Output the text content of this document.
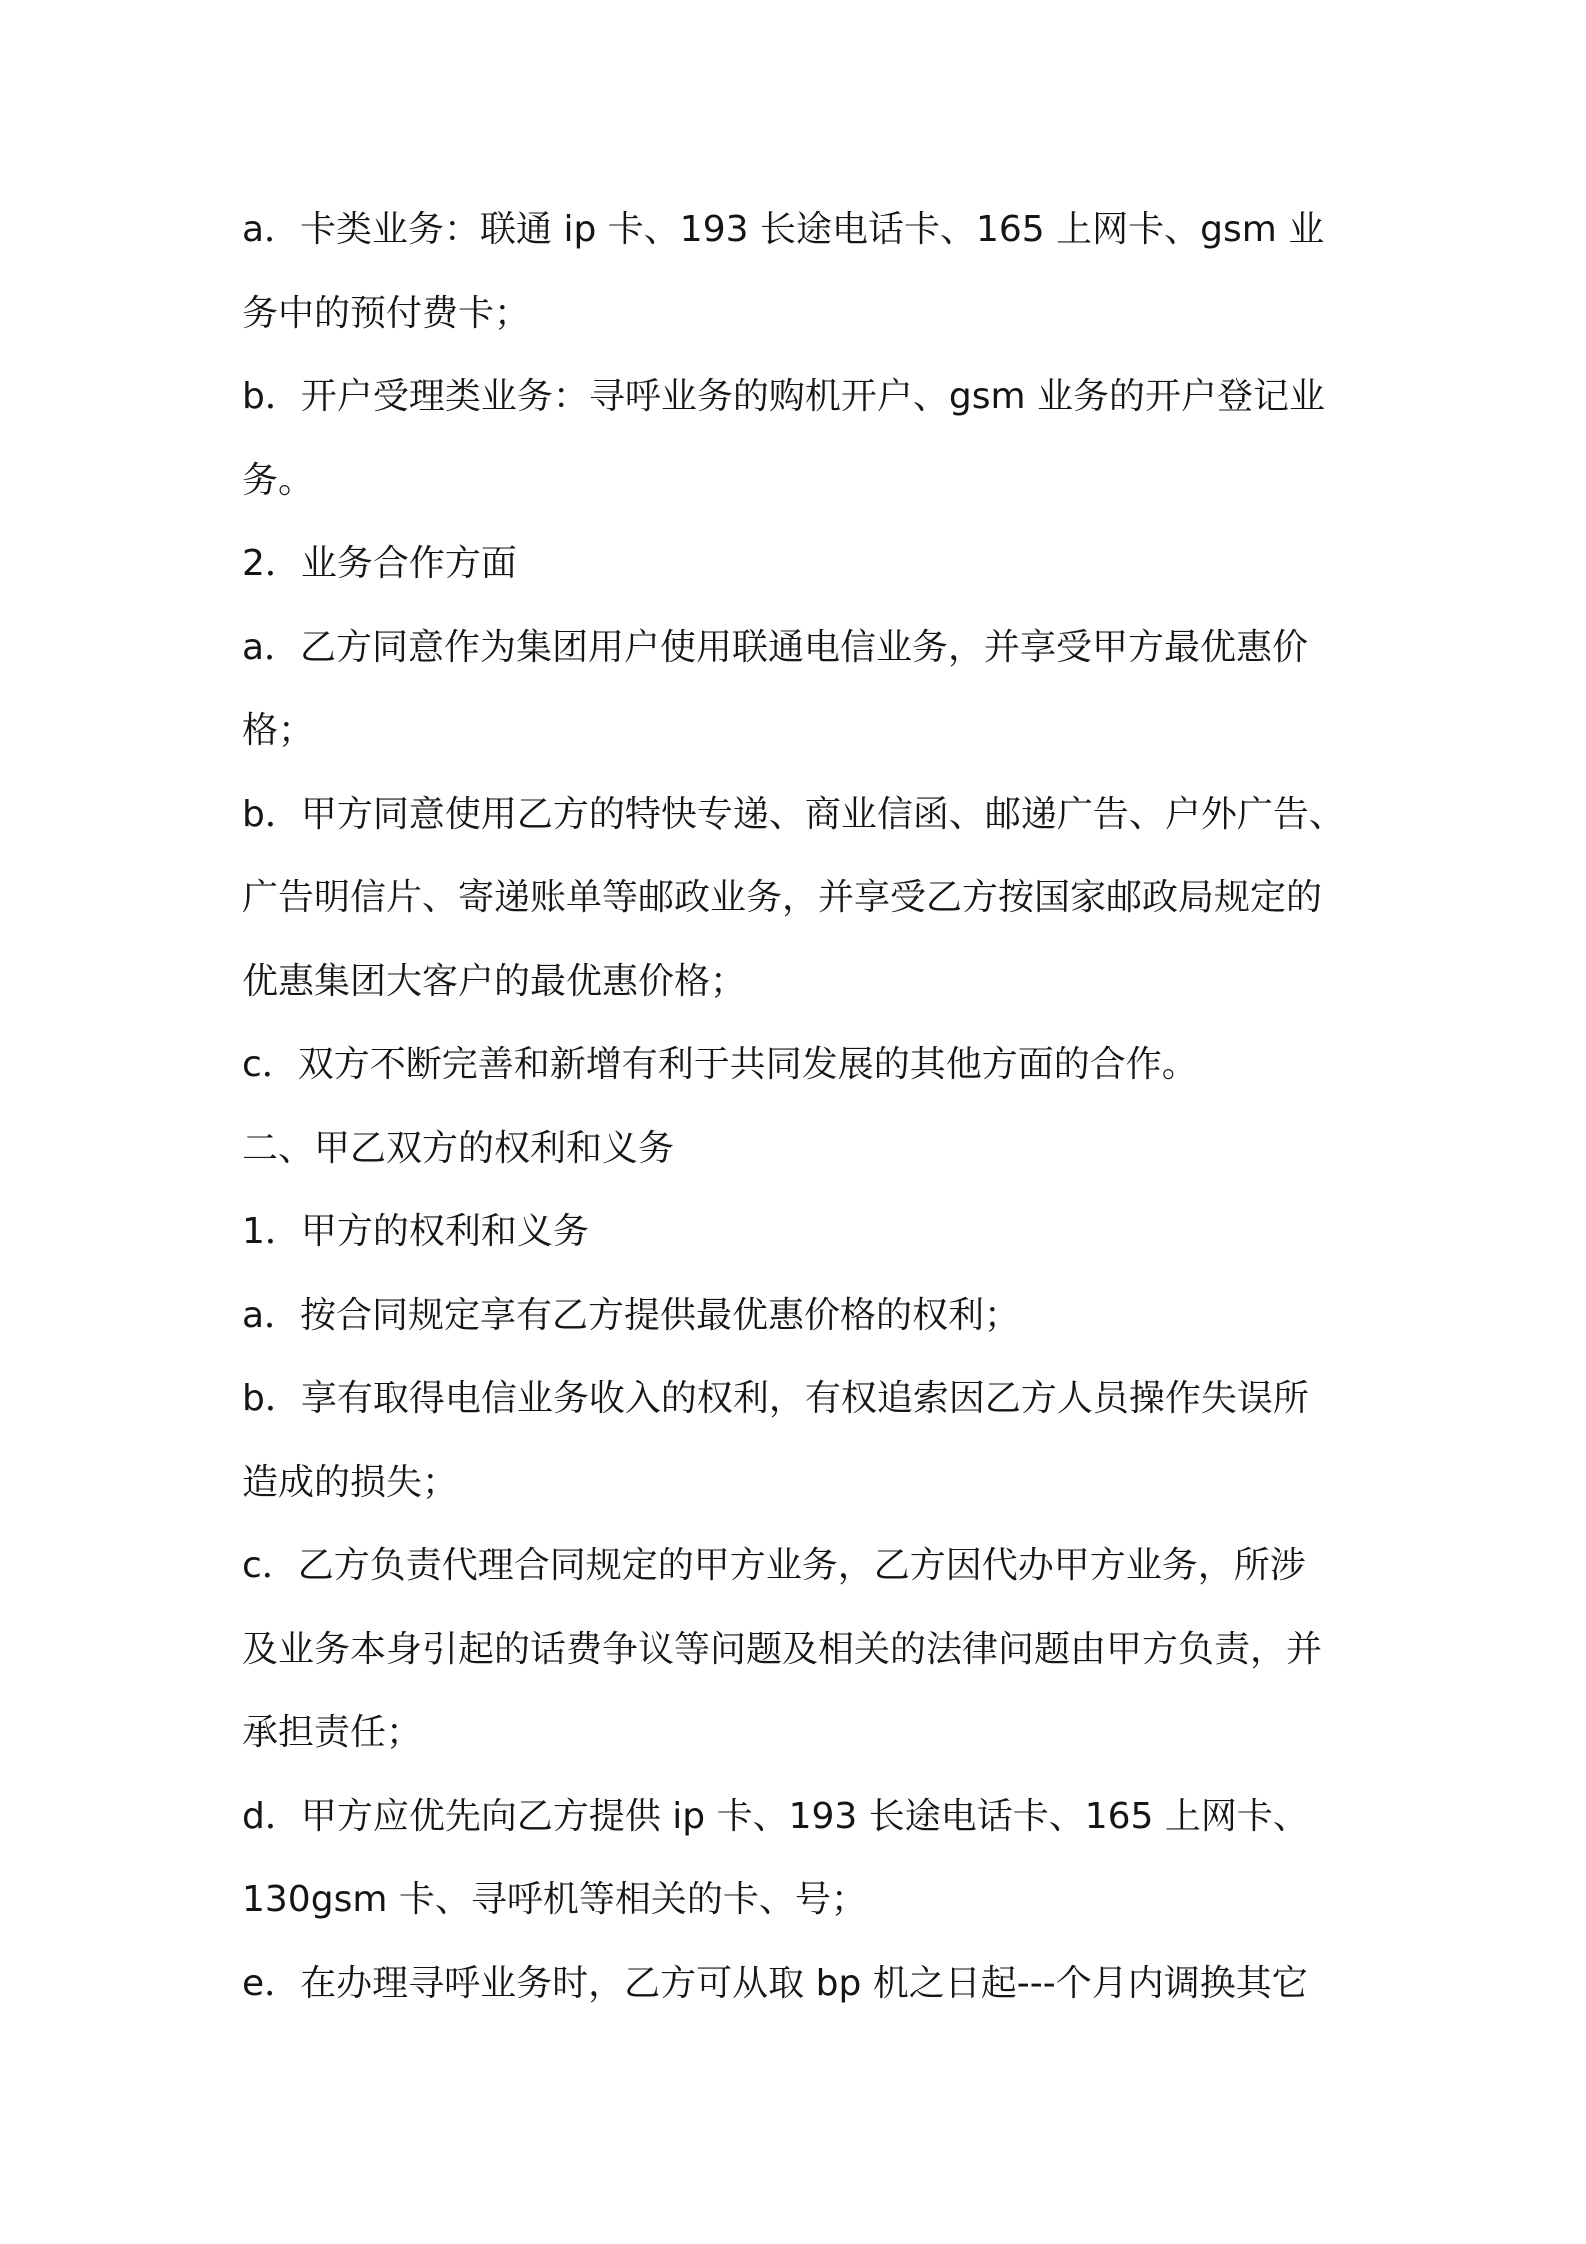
a．卡类业务：联通 ip 卡、193 长途电话卡、165 上网卡、gsm 业
务中的预付费卡；
b．开户受理类业务：寻呼业务的购机开户、gsm 业务的开户登记业
务。
2．业务合作方面
a．乙方同意作为集团用户使用联通电信业务，并享受甲方最优惠价
格；
b．甲方同意使用乙方的特快专递、商业信函、邮递广告、户外广告、
广告明信片、寄递账单等邮政业务，并享受乙方按国家邮政局规定的
优惠集团大客户的最优惠价格；
c．双方不断完善和新增有利于共同发展的其他方面的合作。
二、甲乙双方的权利和义务
1．甲方的权利和义务
a．按合同规定享有乙方提供最优惠价格的权利；
b．享有取得电信业务收入的权利，有权追索因乙方人员操作失误所
造成的损失；
c．乙方负责代理合同规定的甲方业务，乙方因代办甲方业务，所涉
及业务本身引起的话费争议等问题及相关的法律问题由甲方负责，并
承担责任；
d．甲方应优先向乙方提供 ip 卡、193 长途电话卡、165 上网卡、
130gsm 卡、寻呼机等相关的卡、号；
e．在办理寻呼业务时，乙方可从取 bp 机之日起---个月内调换其它
